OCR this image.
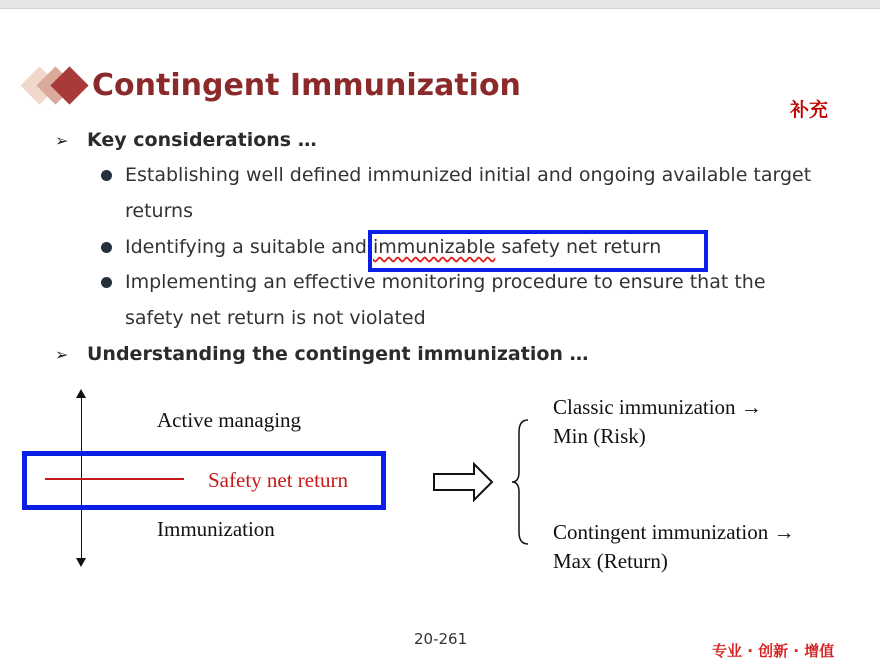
Contingent Immunization
补充
➢ Key considerations …
Establishing well defined immunized initial and ongoing available target
returns
Identifying a suitable and immunizable safety net return
Implementing an effective monitoring procedure to ensure that the
safety net return is not violated
➢ Understanding the contingent immunization …
Active managing
Safety net return
Immunization
Classic immunization →
Min (Risk)
Contingent immunization →
Max (Return)
20-261
专业 · 创新 · 增值
